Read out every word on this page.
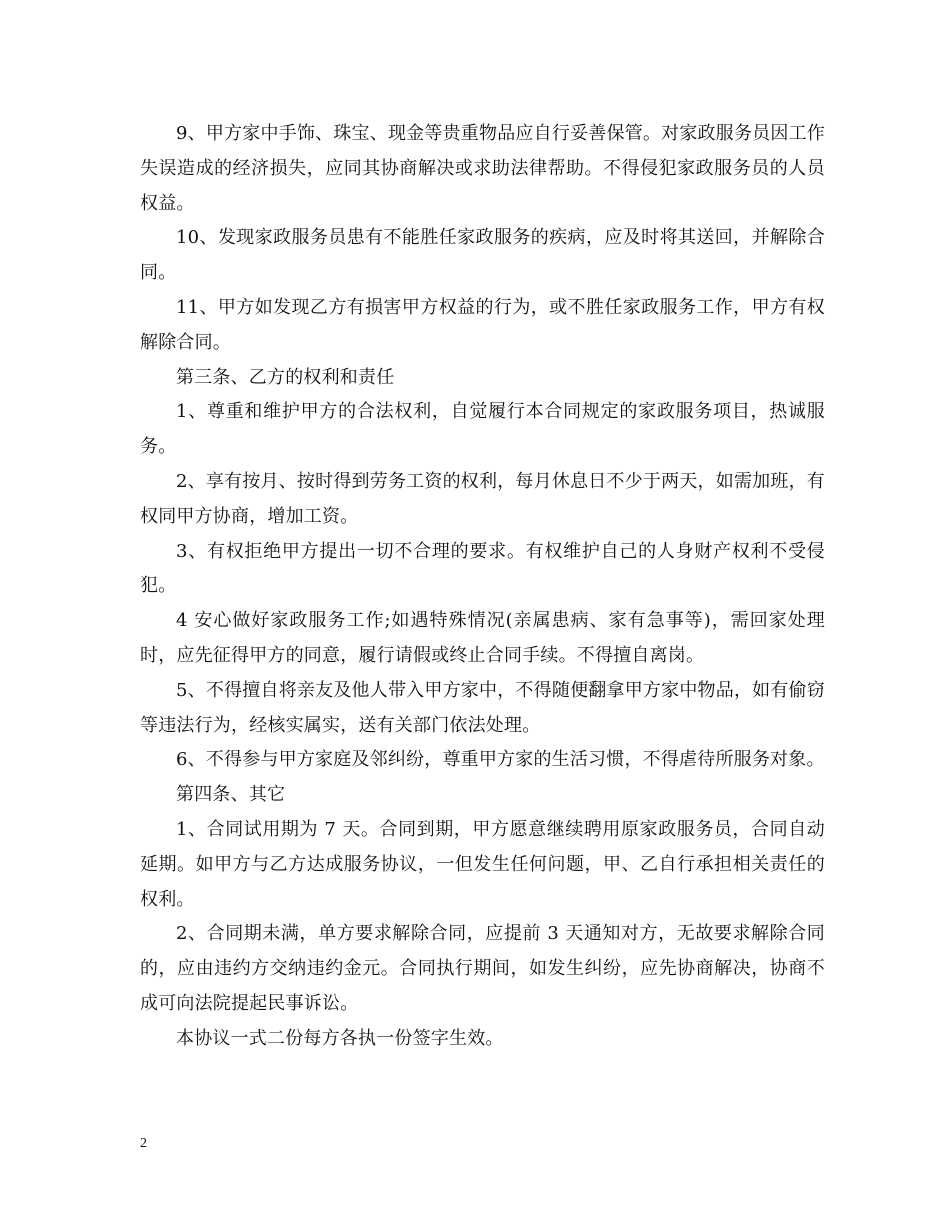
9、甲方家中手饰、珠宝、现金等贵重物品应自行妥善保管。对家政服务员因工作失误造成的经济损失，应同其协商解决或求助法律帮助。不得侵犯家政服务员的人员权益。

10、发现家政服务员患有不能胜任家政服务的疾病，应及时将其送回，并解除合同。

11、甲方如发现乙方有损害甲方权益的行为，或不胜任家政服务工作，甲方有权解除合同。

第三条、乙方的权利和责任

1、尊重和维护甲方的合法权利，自觉履行本合同规定的家政服务项目，热诚服务。

2、享有按月、按时得到劳务工资的权利，每月休息日不少于两天，如需加班，有权同甲方协商，增加工资。

3、有权拒绝甲方提出一切不合理的要求。有权维护自己的人身财产权利不受侵犯。

4 安心做好家政服务工作;如遇特殊情况(亲属患病、家有急事等)，需回家处理时，应先征得甲方的同意，履行请假或终止合同手续。不得擅自离岗。

5、不得擅自将亲友及他人带入甲方家中，不得随便翻拿甲方家中物品，如有偷窃等违法行为，经核实属实，送有关部门依法处理。

6、不得参与甲方家庭及邻纠纷，尊重甲方家的生活习惯，不得虐待所服务对象。

第四条、其它

1、合同试用期为 7 天。合同到期，甲方愿意继续聘用原家政服务员，合同自动延期。如甲方与乙方达成服务协议，一但发生任何问题，甲、乙自行承担相关责任的权利。

2、合同期未满，单方要求解除合同，应提前 3 天通知对方，无故要求解除合同的，应由违约方交纳违约金元。合同执行期间，如发生纠纷，应先协商解决，协商不成可向法院提起民事诉讼。

本协议一式二份每方各执一份签字生效。

2
